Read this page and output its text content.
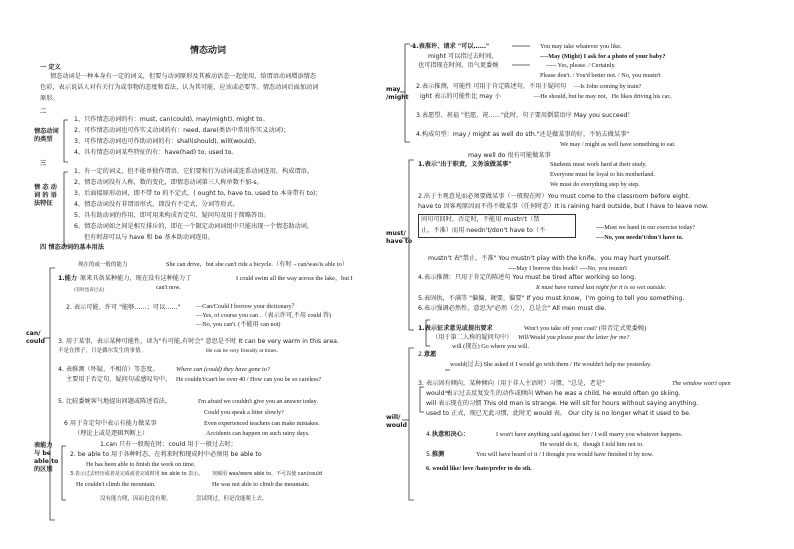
情态动词
一 定义
情态动词是一种本身有一定的词义，但要与动词原形及其被动语态一起使用，给谓语动词增添情态
色彩，表示说话人对有关行为或事物的态度和看法，认为其可能、应该或必要等。情态动词后面加动词
原形。
二
情态动词
的类型
1、只作情态动词的有：must, can(could), may(might), might to。
2、可作情态动词也可作实义动词的有：need, dare(类语中常用作实义动词)；
3、可作情态动词也可作助动词的有：shall(should), will(would)。
4、具有情态动词某些特征的有：have(had) to, used to。
三
情 态 动
词 的 语
法特征
1、有一定的词义，但不能单独作谓语，它们要和行为动词或连系动词连用，构成谓语。
2、情态动词没有人称，数的变化，即情态动词第三人称单数不加-s。
3、后面接原形动词，即不带 to 的不定式，( ought to, have to, used to 本身带有 to)；
4、情态动词没有非谓语形式，即没有不定式，分词等形式。
5、具有助动词的作用，即可用来构成否定句、疑问句及用于简略答语。
6、情态动词如之间是相互排斥的，即在一个限定动词词组中只能出现一个情态助动词，
但有时却可以与 have 和 be 基本助动词连用。
四 情态动词的基本用法
can/
could
现在的或一般的能力	She can drive，but she can't ride a bicycle.（有时→can/was/is able to）
1.能力 原来具备某种能力，现在没有这种能力了	I could swim all the way across the lake，but I
can't now.
(有时也表过去)
2. 表示可能、许可 "能够……；可以……" —Can/Could I borrow your dictionary？
—Yes, of course you can .（表示许可,不用 could 答)
—No, you can't. (不能用 can not)
3. 用于某事，表示某种可能性，译为"有可能,有时会" 意思是不时 It can be very warm in this area.
不是在撑子，只是偶尔发生的事情。	He can be very friendly at times.
4. 表推测（怀疑、不相信）等态度。	Where can (could) they have gone to?
主要用于否定句、疑问句或感叹句中。 He couldn't/can't be over 40 / How can you be so careless?
5. 比较委婉客气地提出问题或陈述看法。	I'm afraid we couldn't give you an answer today.
Could you speak a litter slowly?
6 用于肯定句中表示有能力做某事	Even experienced teachers can make mistakes.
（理论上或是逻辑判断上）	Accidents can happen on such rainy days.
表能力
与 be
able to
的区别
1.can 只有一般现在时；could 用于一般过去时；
2. be able to 用于各种时态，在将来时和现成时中必须用 be able to
He has been able to finish the work on time.
3.表示过去经历或者是完成或者完成时用 be able to 表示。 突破用 was/were able to，不可以使 can/could
He couldn't climb the mountain.	He was not able to climb the mountain.
没有能力爬，因而也没有爬。              尝试爬过，但是没能爬上去。
may
/might
1.表准许、请求 "可以……"
might 可以指过去时间，
也可指现在时间，语气更委婉
You may take whatever you like.
----May (Might) I ask for a photo of your baby?
----- Yes, please. / Certainly.
Please don't. / You'd better not. / No, you mustn't
2.表示推测，可能性 可用于肯定陈述句，不用于疑问句
ight 表示的可能性比 may 小
—Is John coming by train?
—He should, but he may not，He likes driving his car。
3.表愿望、祝福 "但愿，祝……"此时，句子要用倒装语序 May you succeed！
4.构成句型：may / might as well do sth."还是做某事的好，不妨去做某事"
We may / might as well have something to eat.
must/
have to
may well do 很有可能做某事
1.表示"出于职责，义务该做某事"	Students must work hard at their study.
Everyone must be loyal to his motherland.
We must do everything step by step.
2.出于主观意见而必须要做某事（一般现在时）You must come to the classroom before eight.
have to 因客观原因而不得不做某事（任何时态）It is raining hard outside, but I have to leave now.
问句可回时，否定时，不能用 mustn't（禁
止，不准）而用 needn't/don't have to（不	----Must we hand in our exercise today?
----No, you needn't/don't have to.
mustn't 表"禁止、不准" You mustn't play with the knife，you may hurt yourself.
----May I borrow this book? ----No, you mustn't
It must have rained last night for it is so wet outside.
4.表示推测：只用于肯定的陈述句 You must be tired after working so long.
5.表固执，不满等 "偏偏，硬要，偏要" If you must know，I'm going to tell you something.
6.表示强调必然性，意思为"必然（会），总是会" All men must die.
will/
would
1.表示征求意见或提出要求	Won't you take off your coat? (用否定式更委婉)
（用于第二人称的疑问句中） Will/Would you please post the letter for me?
2.意愿
will (现在) Go where you will.
would(过去) She asked if I would go with them / He wouldn't help me yesterday.
3. 表示固有倾向，某种倾向（用于非人主语时）习惯，"总是，老是"	The window won't open
would 表示过去反复发生的动作或倾向 When he was a child, he would often go skiing.
will 表示现在的习惯 This old man is strange. He will sit for hours without saying anything.
used to 正式，现已无此习惯，此时无 would 表。 Our city is no longer what it used to be.
4.执意和决心：	I won't have anything said against her / I will marry you whatever happens.
He would do it，though I told him not to.
5.推测	You will have heard of it / I thought you would have finished it by now.
6. would like/ love /hate/prefer to do sth.
